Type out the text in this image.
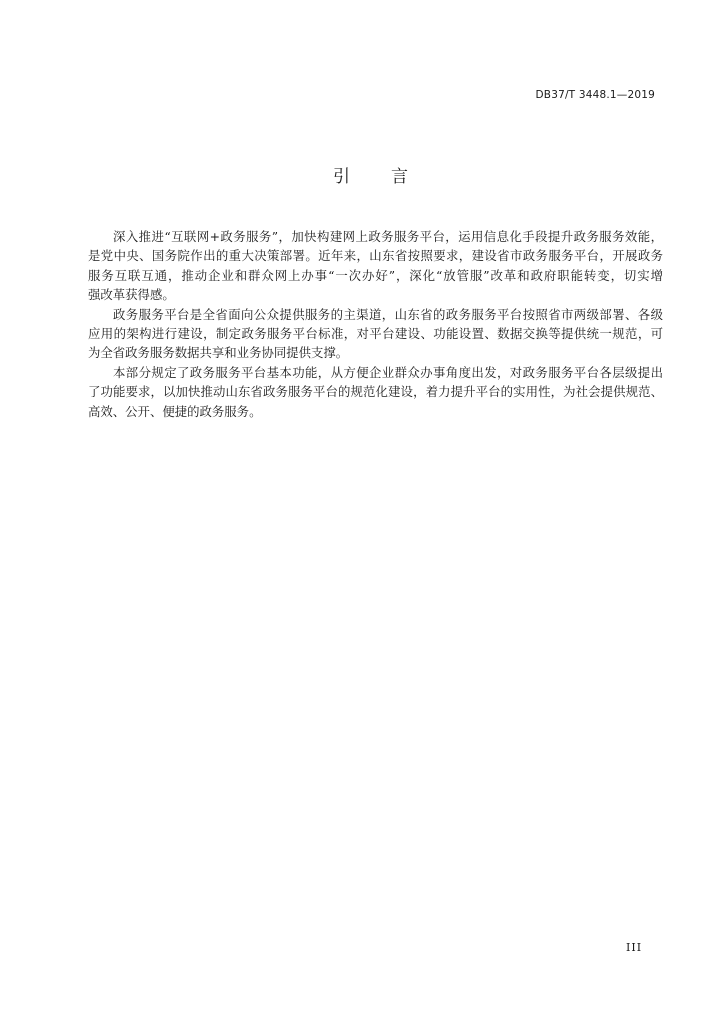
DB37/T 3448.1—2019
引言
深入推进“互联网+政务服务”，加快构建网上政务服务平台，运用信息化手段提升政务服务效能，
是党中央、国务院作出的重大决策部署。近年来，山东省按照要求，建设省市政务服务平台，开展政务
服务互联互通，推动企业和群众网上办事“一次办好”，深化“放管服”改革和政府职能转变，切实增
强改革获得感。
政务服务平台是全省面向公众提供服务的主渠道，山东省的政务服务平台按照省市两级部署、各级
应用的架构进行建设，制定政务服务平台标准，对平台建设、功能设置、数据交换等提供统一规范，可
为全省政务服务数据共享和业务协同提供支撑。
本部分规定了政务服务平台基本功能，从方便企业群众办事角度出发，对政务服务平台各层级提出
了功能要求，以加快推动山东省政务服务平台的规范化建设，着力提升平台的实用性，为社会提供规范、
高效、公开、便捷的政务服务。
III
